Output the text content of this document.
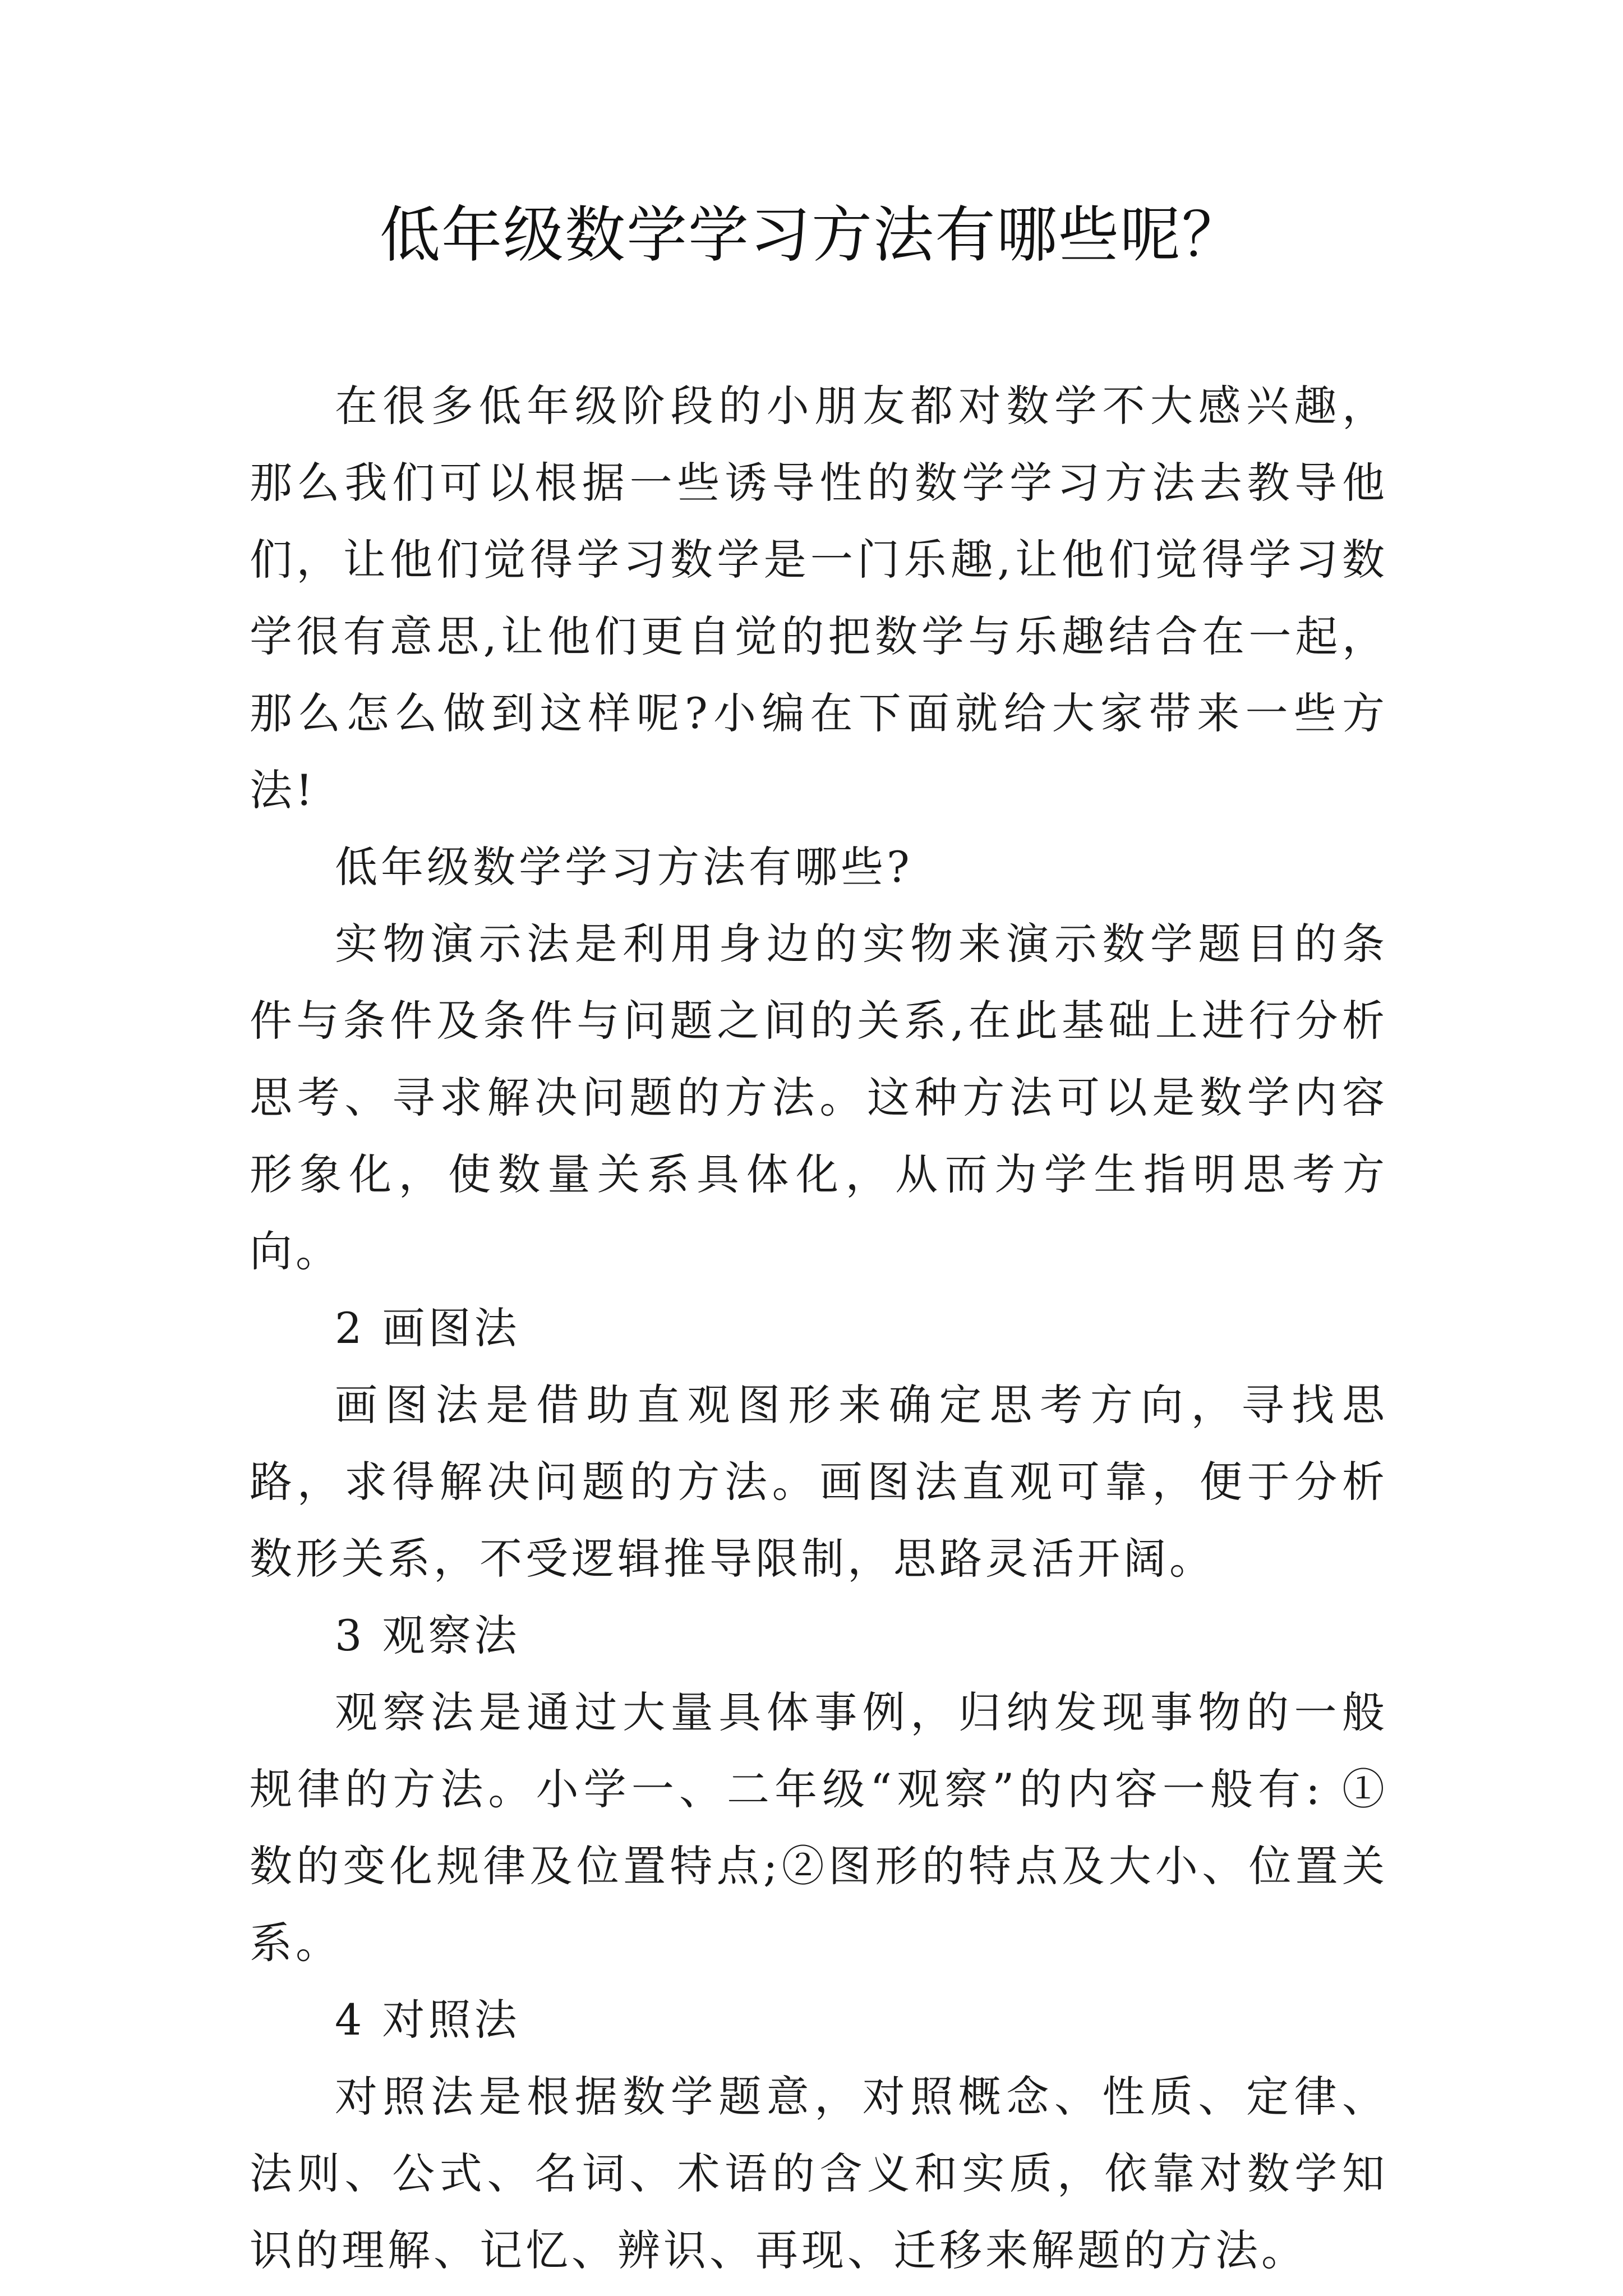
低年级数学学习方法有哪些呢？

在很多低年级阶段的小朋友都对数学不大感兴趣，那么我们可以根据一些诱导性的数学学习方法去教导他们，让他们觉得学习数学是一门乐趣,让他们觉得学习数学很有意思,让他们更自觉的把数学与乐趣结合在一起，那么怎么做到这样呢?小编在下面就给大家带来一些方法!

低年级数学学习方法有哪些?

实物演示法是利用身边的实物来演示数学题目的条件与条件及条件与问题之间的关系,在此基础上进行分析思考、寻求解决问题的方法。这种方法可以是数学内容形象化，使数量关系具体化，从而为学生指明思考方向。

2 画图法

画图法是借助直观图形来确定思考方向，寻找思路，求得解决问题的方法。画图法直观可靠，便于分析数形关系，不受逻辑推导限制，思路灵活开阔。

3 观察法

观察法是通过大量具体事例，归纳发现事物的一般规律的方法。小学一、二年级“观察”的内容一般有: ①数的变化规律及位置特点;②图形的特点及大小、位置关系。

4 对照法

对照法是根据数学题意，对照概念、性质、定律、法则、公式、名词、术语的含义和实质，依靠对数学知识的理解、记忆、辨识、再现、迁移来解题的方法。
